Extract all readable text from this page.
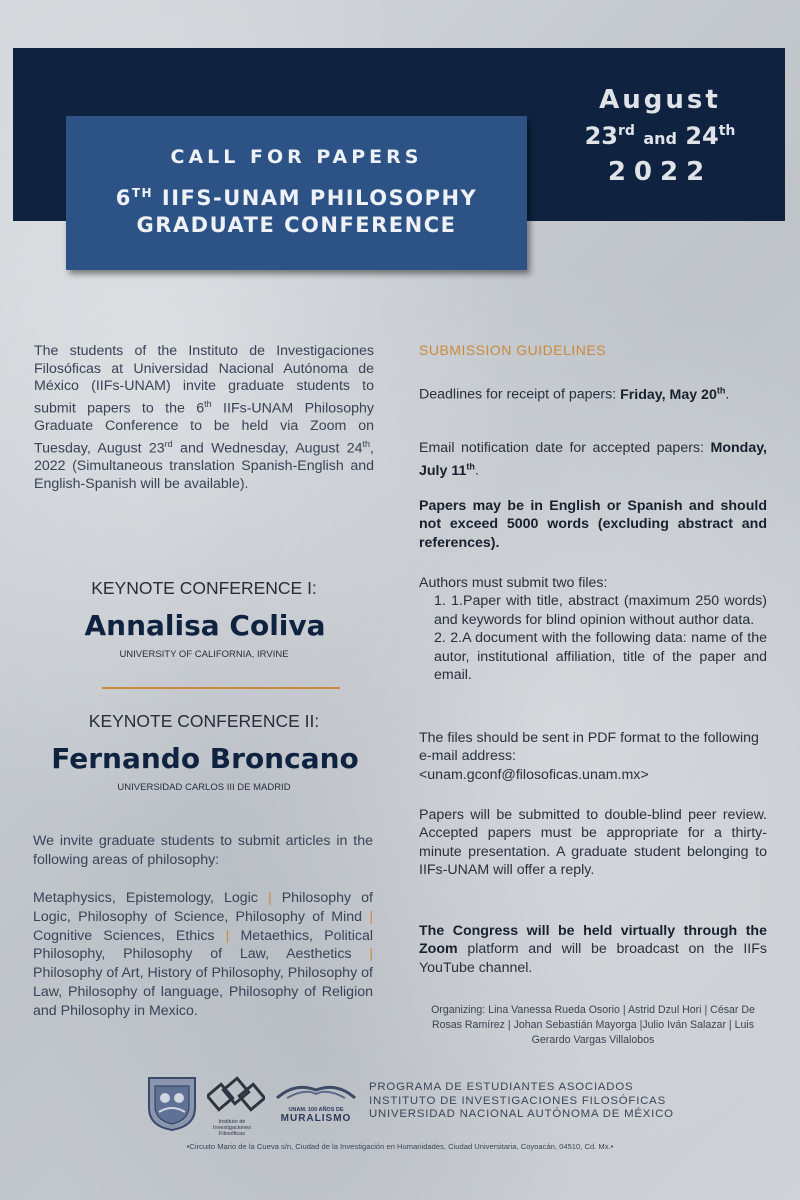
August
23rd and 24th
2022
CALL FOR PAPERS
6TH IIFS-UNAM PHILOSOPHY
GRADUATE CONFERENCE

The students of the Instituto de Investigaciones Filosóficas at Universidad Nacional Autónoma de México (IIFs-UNAM) invite graduate students to submit papers to the 6th IIFs-UNAM Philosophy Graduate Conference to be held via Zoom on Tuesday, August 23rd and Wednesday, August 24th, 2022 (Simultaneous translation Spanish-English and English-Spanish will be available).

KEYNOTE CONFERENCE I:
Annalisa Coliva
UNIVERSITY OF CALIFORNIA, IRVINE
KEYNOTE CONFERENCE II:
Fernando Broncano
UNIVERSIDAD CARLOS III DE MADRID

We invite graduate students to submit articles in the following areas of philosophy:

Metaphysics, Epistemology, Logic | Philosophy of Logic, Philosophy of Science, Philosophy of Mind | Cognitive Sciences, Ethics | Metaethics, Political Philosophy, Philosophy of Law, Aesthetics | Philosophy of Art, History of Philosophy, Philosophy of Law, Philosophy of language, Philosophy of Religion and Philosophy in Mexico.

SUBMISSION GUIDELINES

Deadlines for receipt of papers: Friday, May 20th.

Email notification date for accepted papers: Monday, July 11th.

Papers may be in English or Spanish and should not exceed 5000 words (excluding abstract and references).

Authors must submit two files:
1. 1.Paper with title, abstract (maximum 250 words) and keywords for blind opinion without author data.
2. 2.A document with the following data: name of the autor, institutional affiliation, title of the paper and email.
The files should be sent in PDF format to the following e-mail address:
<unam.gconf@filosoficas.unam.mx>

Papers will be submitted to double-blind peer review. Accepted papers must be appropriate for a thirty-minute presentation. A graduate student belonging to IIFs-UNAM will offer a reply.

The Congress will be held virtually through the Zoom platform and will be broadcast on the IIFs YouTube channel.

Organizing: Lina Vanessa Rueda Osorio | Astrid Dzul Hori | César De Rosas Ramírez | Johan Sebastián Mayorga |Julio Iván Salazar | Luis Gerardo Vargas Villalobos
Instituto de Investigaciones Filosóficas
UNAM. 100 AÑOS DE
MURALISMO
PROGRAMA DE ESTUDIANTES ASOCIADOS
INSTITUTO DE INVESTIGACIONES FILOSÓFICAS
UNIVERSIDAD NACIONAL AUTÓNOMA DE MÉXICO
•Circuito Mario de la Cueva s/n, Ciudad de la Investigación en Humanidades, Ciudad Universitaria, Coyoacán, 04510, Cd. Mx.•
